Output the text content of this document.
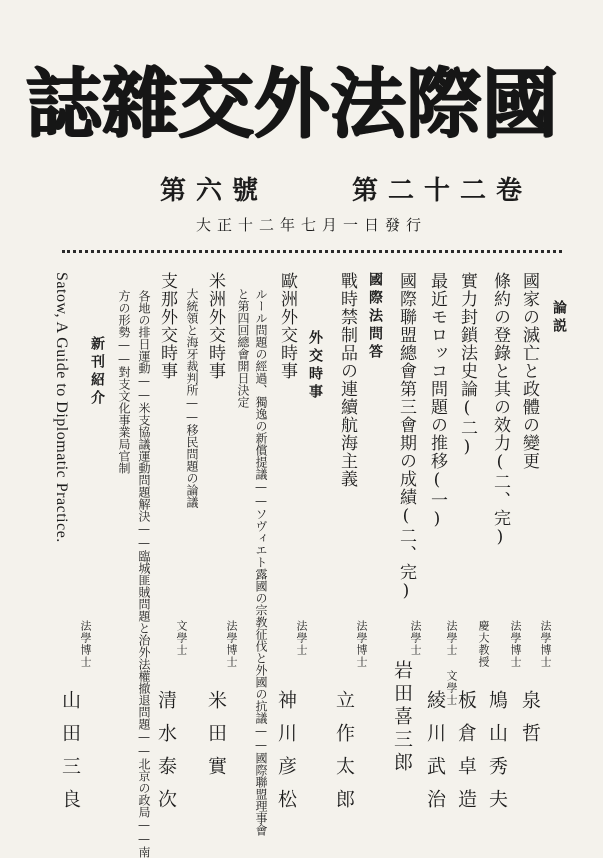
國
際
法
外
交
雜
誌
第二十二卷
第六號
大正十二年七月一日發行
論説
國家の滅亡と政體の變更
條約の登錄と其の效力(二、完)
實力封鎖法史論(二)
最近モロッコ問題の推移(一)
國際聯盟總會第三會期の成績(二、完)
國際法問答
戰時禁制品の連續航海主義
外交時事
歐洲外交時事
ルール問題の經過、獨逸の新償提議——ソヴィエト露國の宗教征伐と外國の抗議——國際聯盟理事會
と第四回總會開日決定
米洲外交時事
大統領と海牙裁判所——移民問題の論議
支那外交時事
各地の排日運動——米支協議運動問題解決——臨城匪賊問題と治外法權撤退問題——北京の政局——南
方の形勢——對支文化事業局官制
新刊紹介
Satow, A Guide to Diplomatic Practice.
法學博士
泉哲
法學博士
鳩山秀夫
慶大教授
板倉卓造
法學士 文學士
綾川武治
法學士
岩田喜三郎
法學博士
立作太郎
法學士
神川彦松
法學博士
米田實
文學士
清水泰次
法學博士
山田三良
